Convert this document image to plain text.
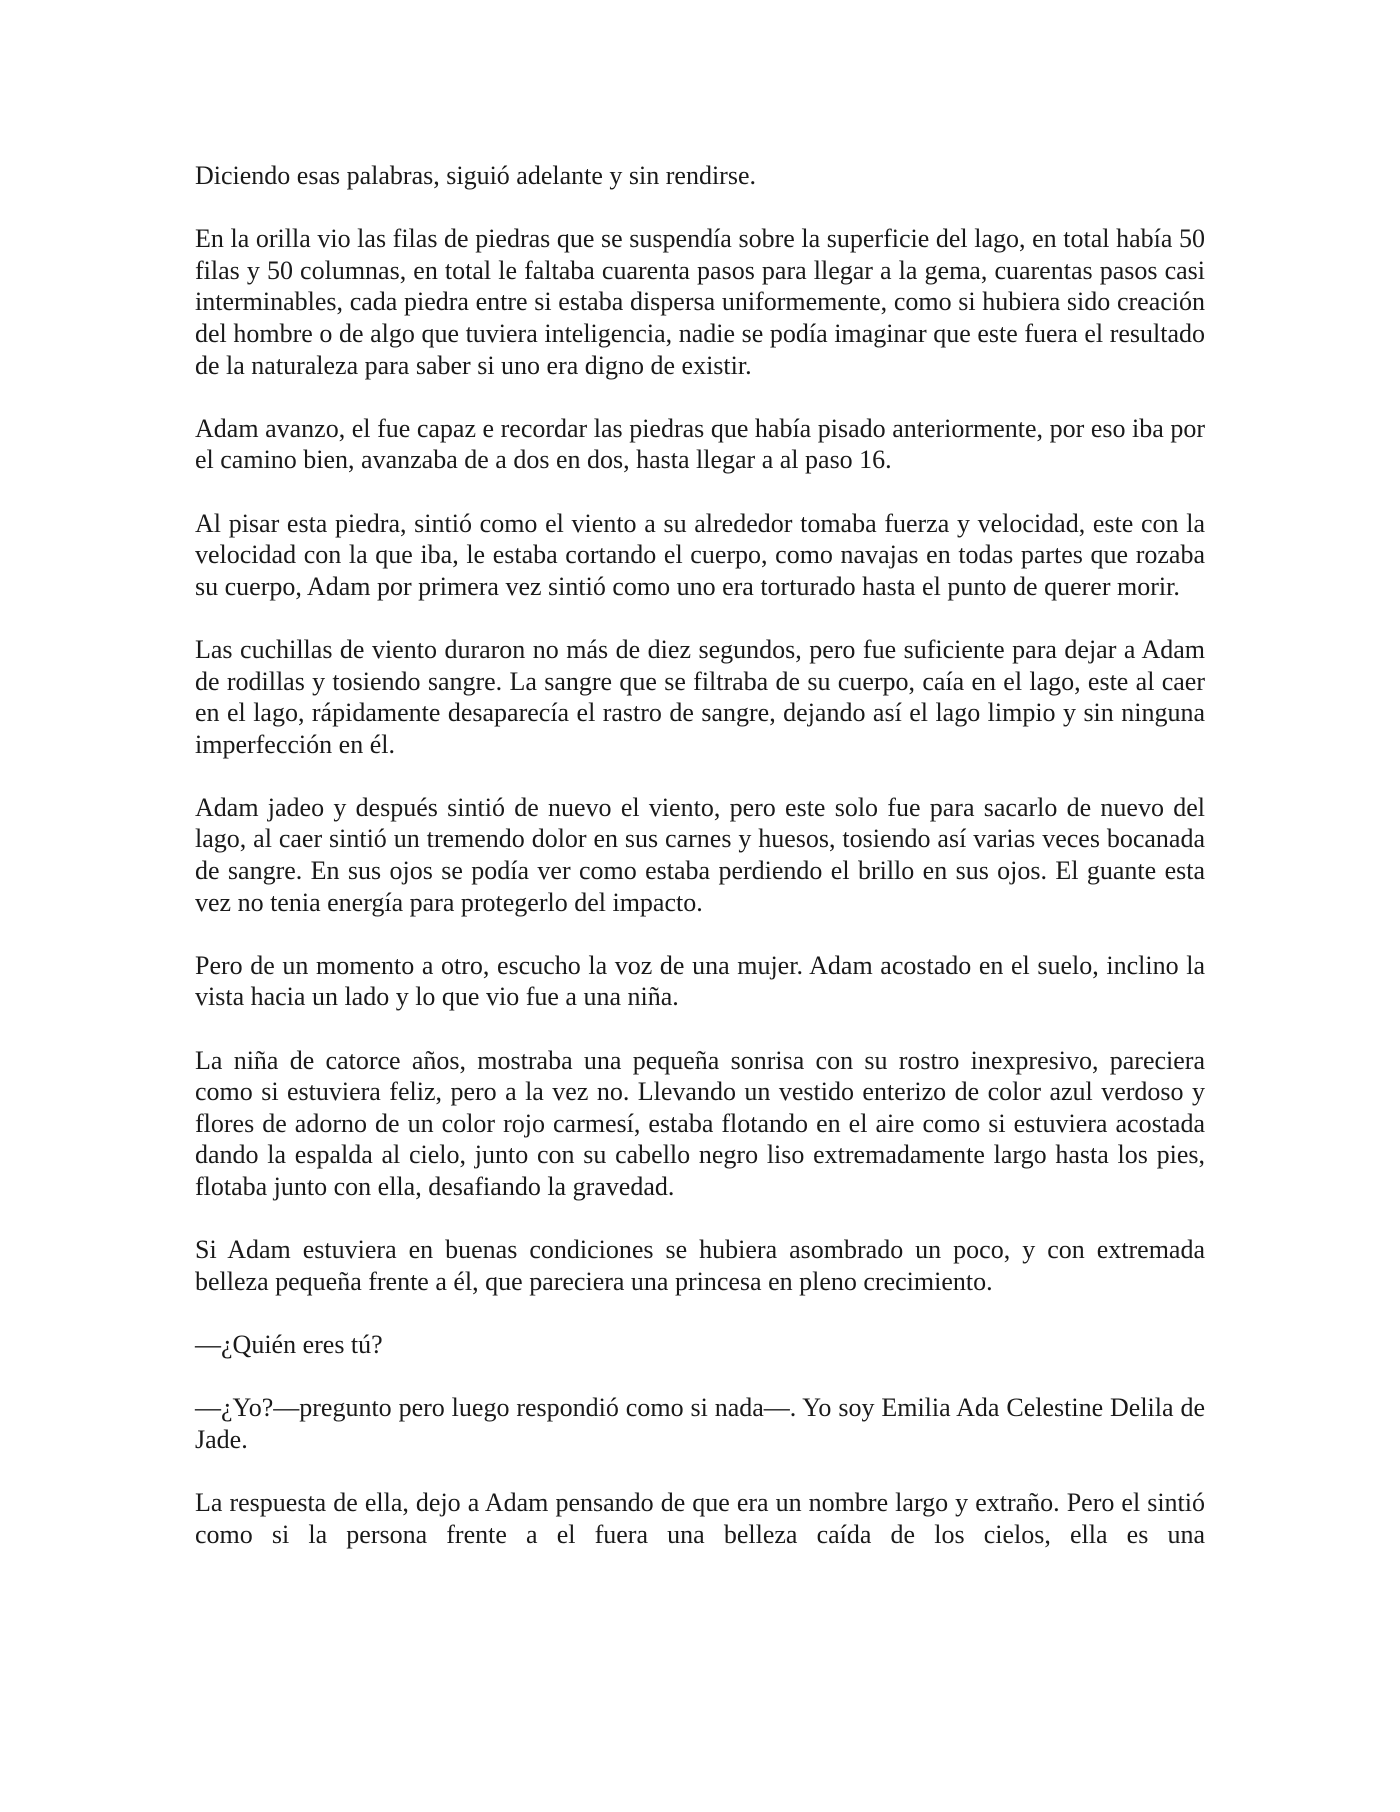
Diciendo esas palabras, siguió adelante y sin rendirse.

En la orilla vio las filas de piedras que se suspendía sobre la superficie del lago, en total había 50 filas y 50 columnas, en total le faltaba cuarenta pasos para llegar a la gema, cuarentas pasos casi interminables, cada piedra entre si estaba dispersa uniformemente, como si hubiera sido creación del hombre o de algo que tuviera inteligencia, nadie se podía imaginar que este fuera el resultado de la naturaleza para saber si uno era digno de existir.

Adam avanzo, el fue capaz e recordar las piedras que había pisado anteriormente, por eso iba por el camino bien, avanzaba de a dos en dos, hasta llegar a al paso 16.

Al pisar esta piedra, sintió como el viento a su alrededor tomaba fuerza y velocidad, este con la velocidad con la que iba, le estaba cortando el cuerpo, como navajas en todas partes que rozaba su cuerpo, Adam por primera vez sintió como uno era torturado hasta el punto de querer morir.

Las cuchillas de viento duraron no más de diez segundos, pero fue suficiente para dejar a Adam de rodillas y tosiendo sangre. La sangre que se filtraba de su cuerpo, caía en el lago, este al caer en el lago, rápidamente desaparecía el rastro de sangre, dejando así el lago limpio y sin ninguna imperfección en él.

Adam jadeo y después sintió de nuevo el viento, pero este solo fue para sacarlo de nuevo del lago, al caer sintió un tremendo dolor en sus carnes y huesos, tosiendo así varias veces bocanada de sangre. En sus ojos se podía ver como estaba perdiendo el brillo en sus ojos. El guante esta vez no tenia energía para protegerlo del impacto.

Pero de un momento a otro, escucho la voz de una mujer. Adam acostado en el suelo, inclino la vista hacia un lado y lo que vio fue a una niña.

La niña de catorce años, mostraba una pequeña sonrisa con su rostro inexpresivo, pareciera como si estuviera feliz, pero a la vez no. Llevando un vestido enterizo de color azul verdoso y flores de adorno de un color rojo carmesí, estaba flotando en el aire como si estuviera acostada dando la espalda al cielo, junto con su cabello negro liso extremadamente largo hasta los pies, flotaba junto con ella, desafiando la gravedad.

Si Adam estuviera en buenas condiciones se hubiera asombrado un poco, y con extremada belleza pequeña frente a él, que pareciera una princesa en pleno crecimiento.

—¿Quién eres tú?

—¿Yo?—pregunto pero luego respondió como si nada—. Yo soy Emilia Ada Celestine Delila de Jade.

La respuesta de ella, dejo a Adam pensando de que era un nombre largo y extraño. Pero el sintió como si la persona frente a el fuera una belleza caída de los cielos, ella es una
